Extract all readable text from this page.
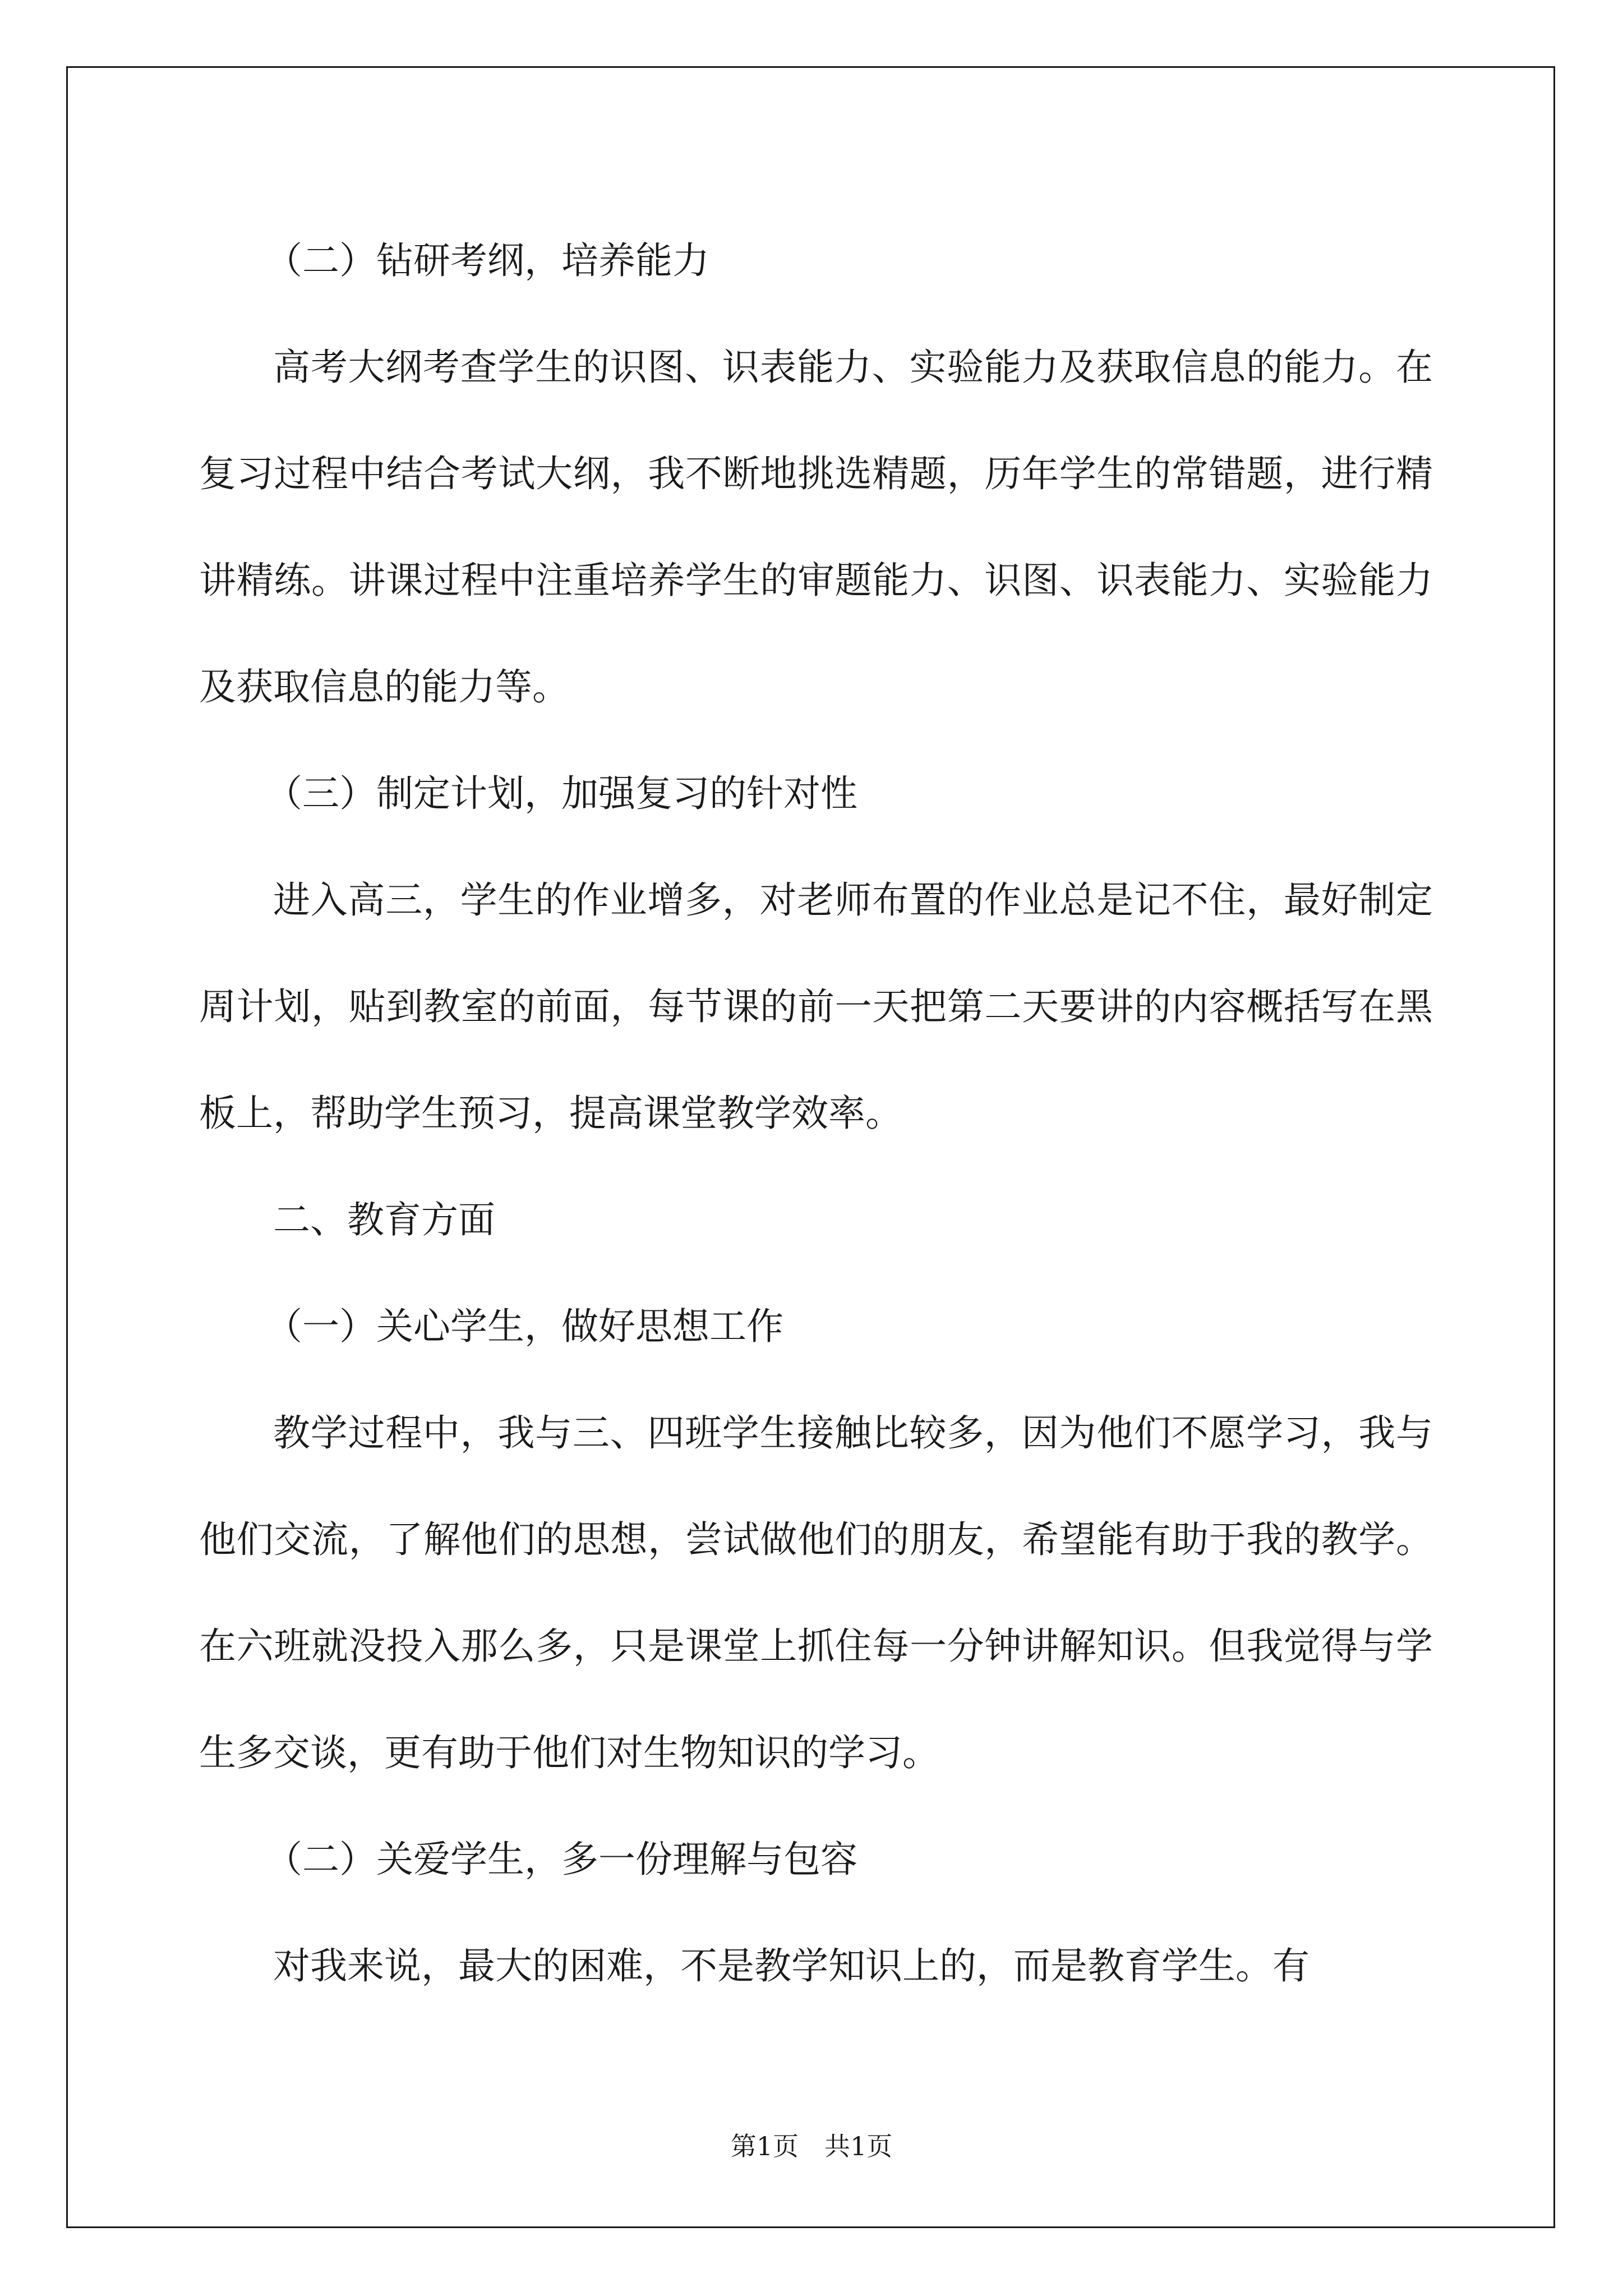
（二）钻研考纲，培养能力

高考大纲考查学生的识图、识表能力、实验能力及获取信息的能力。在复习过程中结合考试大纲，我不断地挑选精题，历年学生的常错题，进行精讲精练。讲课过程中注重培养学生的审题能力、识图、识表能力、实验能力及获取信息的能力等。

（三）制定计划，加强复习的针对性

进入高三，学生的作业增多，对老师布置的作业总是记不住，最好制定周计划，贴到教室的前面，每节课的前一天把第二天要讲的内容概括写在黑板上，帮助学生预习，提高课堂教学效率。

二、教育方面

（一）关心学生，做好思想工作

教学过程中，我与三、四班学生接触比较多，因为他们不愿学习，我与他们交流，了解他们的思想，尝试做他们的朋友，希望能有助于我的教学。在六班就没投入那么多，只是课堂上抓住每一分钟讲解知识。但我觉得与学生多交谈，更有助于他们对生物知识的学习。

（二）关爱学生，多一份理解与包容

对我来说，最大的困难，不是教学知识上的，而是教育学生。有

第1页　共1页
